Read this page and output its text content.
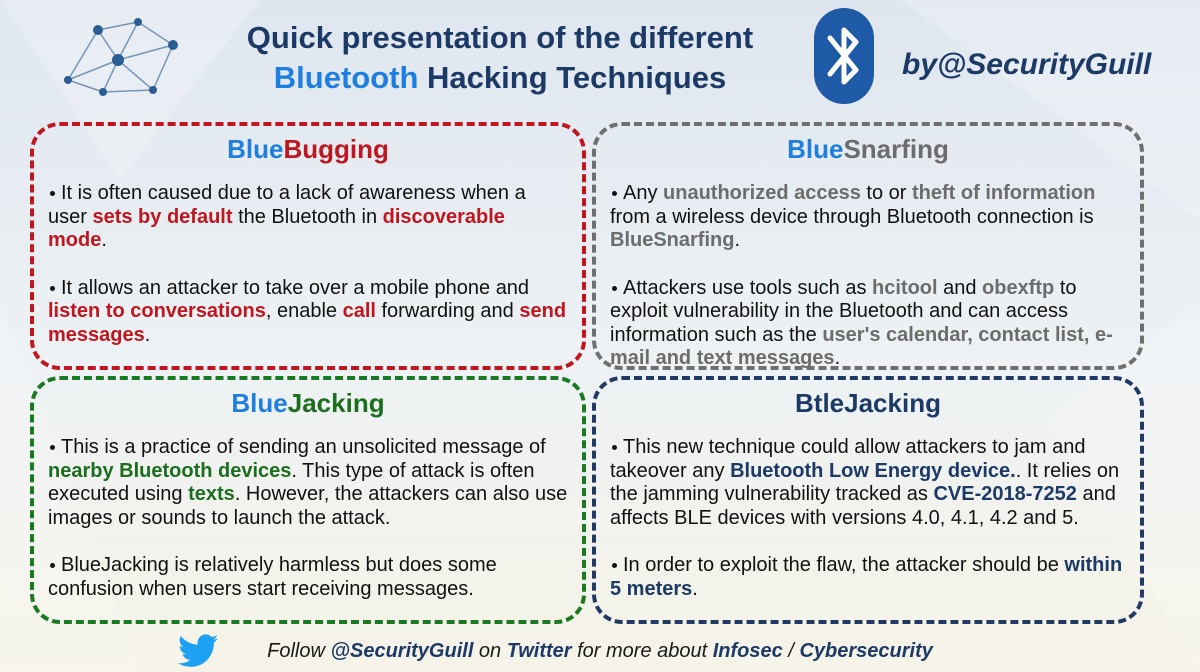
Quick presentation of the different
Bluetooth Hacking Techniques	by@SecurityGuill
BlueBugging

It is often caused due to a lack of awareness when a user sets by default the Bluetooth in discoverable mode.

It allows an attacker to take over a mobile phone and listen to conversations, enable call forwarding and send messages.

BlueSnarfing

Any unauthorized access to or theft of information from a wireless device through Bluetooth connection is BlueSnarfing.

Attackers use tools such as hcitool and obexftp to exploit vulnerability in the Bluetooth and can access information such as the user's calendar, contact list, e-mail and text messages.

BlueJacking

This is a practice of sending an unsolicited message of nearby Bluetooth devices. This type of attack is often executed using texts. However, the attackers can also use images or sounds to launch the attack.

BlueJacking is relatively harmless but does some confusion when users start receiving messages.

BtleJacking

This new technique could allow attackers to jam and takeover any Bluetooth Low Energy device.. It relies on the jamming vulnerability tracked as CVE-2018-7252 and affects BLE devices with versions 4.0, 4.1, 4.2 and 5.

In order to exploit the flaw, the attacker should be within 5 meters.

Follow @SecurityGuill on Twitter for more about Infosec / Cybersecurity
